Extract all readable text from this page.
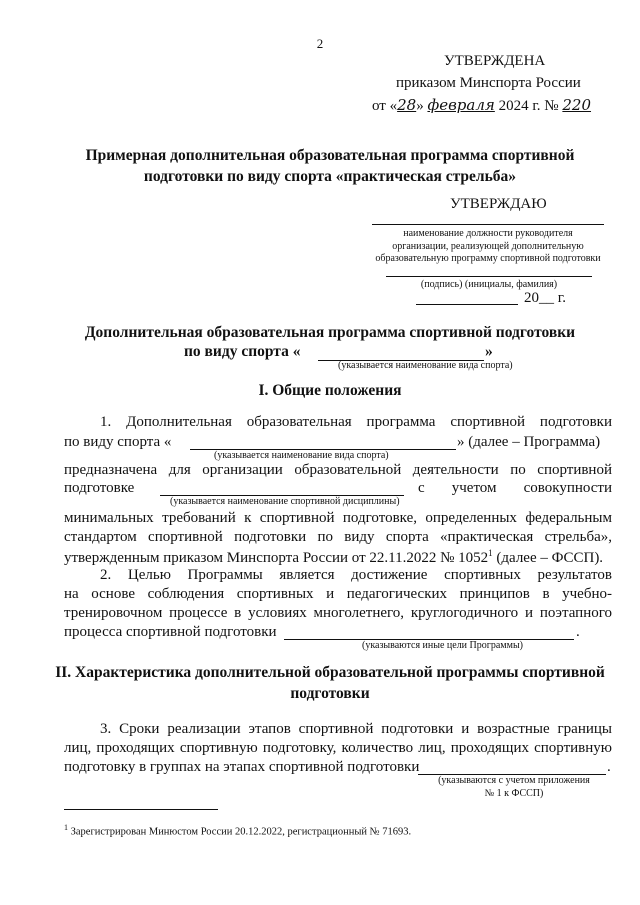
2
УТВЕРЖДЕНА
приказом Минспорта России
от «28» февраля 2024 г. № 220
Примерная дополнительная образовательная программа спортивной
подготовки по виду спорта «практическая стрельба»
УТВЕРЖДАЮ
наименование должности руководителя
организации, реализующей дополнительную
образовательную программу спортивной подготовки
(подпись) (инициалы, фамилия)
20__ г.
Дополнительная образовательная программа спортивной подготовки
по виду спорта «	»
(указывается наименование вида спорта)
I. Общие положения
1. Дополнительная образовательная программа спортивной подготовки
по виду спорта «	» (далее – Программа)
(указывается наименование вида спорта)
предназначена для организации образовательной деятельности по спортивной
подготовке	с учетом совокупности
(указывается наименование спортивной дисциплины)
минимальных требований к спортивной подготовке, определенных федеральным
стандартом спортивной подготовки по виду спорта «практическая стрельба»,
утвержденным приказом Минспорта России от 22.11.2022 № 1052$^1$ (далее – ФССП).
2. Целью Программы является достижение спортивных результатов
на основе соблюдения спортивных и педагогических принципов в учебно-
тренировочном процессе в условиях многолетнего, круглогодичного и поэтапного
процесса спортивной подготовки	.
(указываются иные цели Программы)
II. Характеристика дополнительной образовательной программы спортивной
подготовки
3. Сроки реализации этапов спортивной подготовки и возрастные границы
лиц, проходящих спортивную подготовку, количество лиц, проходящих спортивную
подготовку в группах на этапах спортивной подготовки	.
(указываются с учетом приложения
№ 1 к ФССП)
$^1$ Зарегистрирован Минюстом России 20.12.2022, регистрационный № 71693.
